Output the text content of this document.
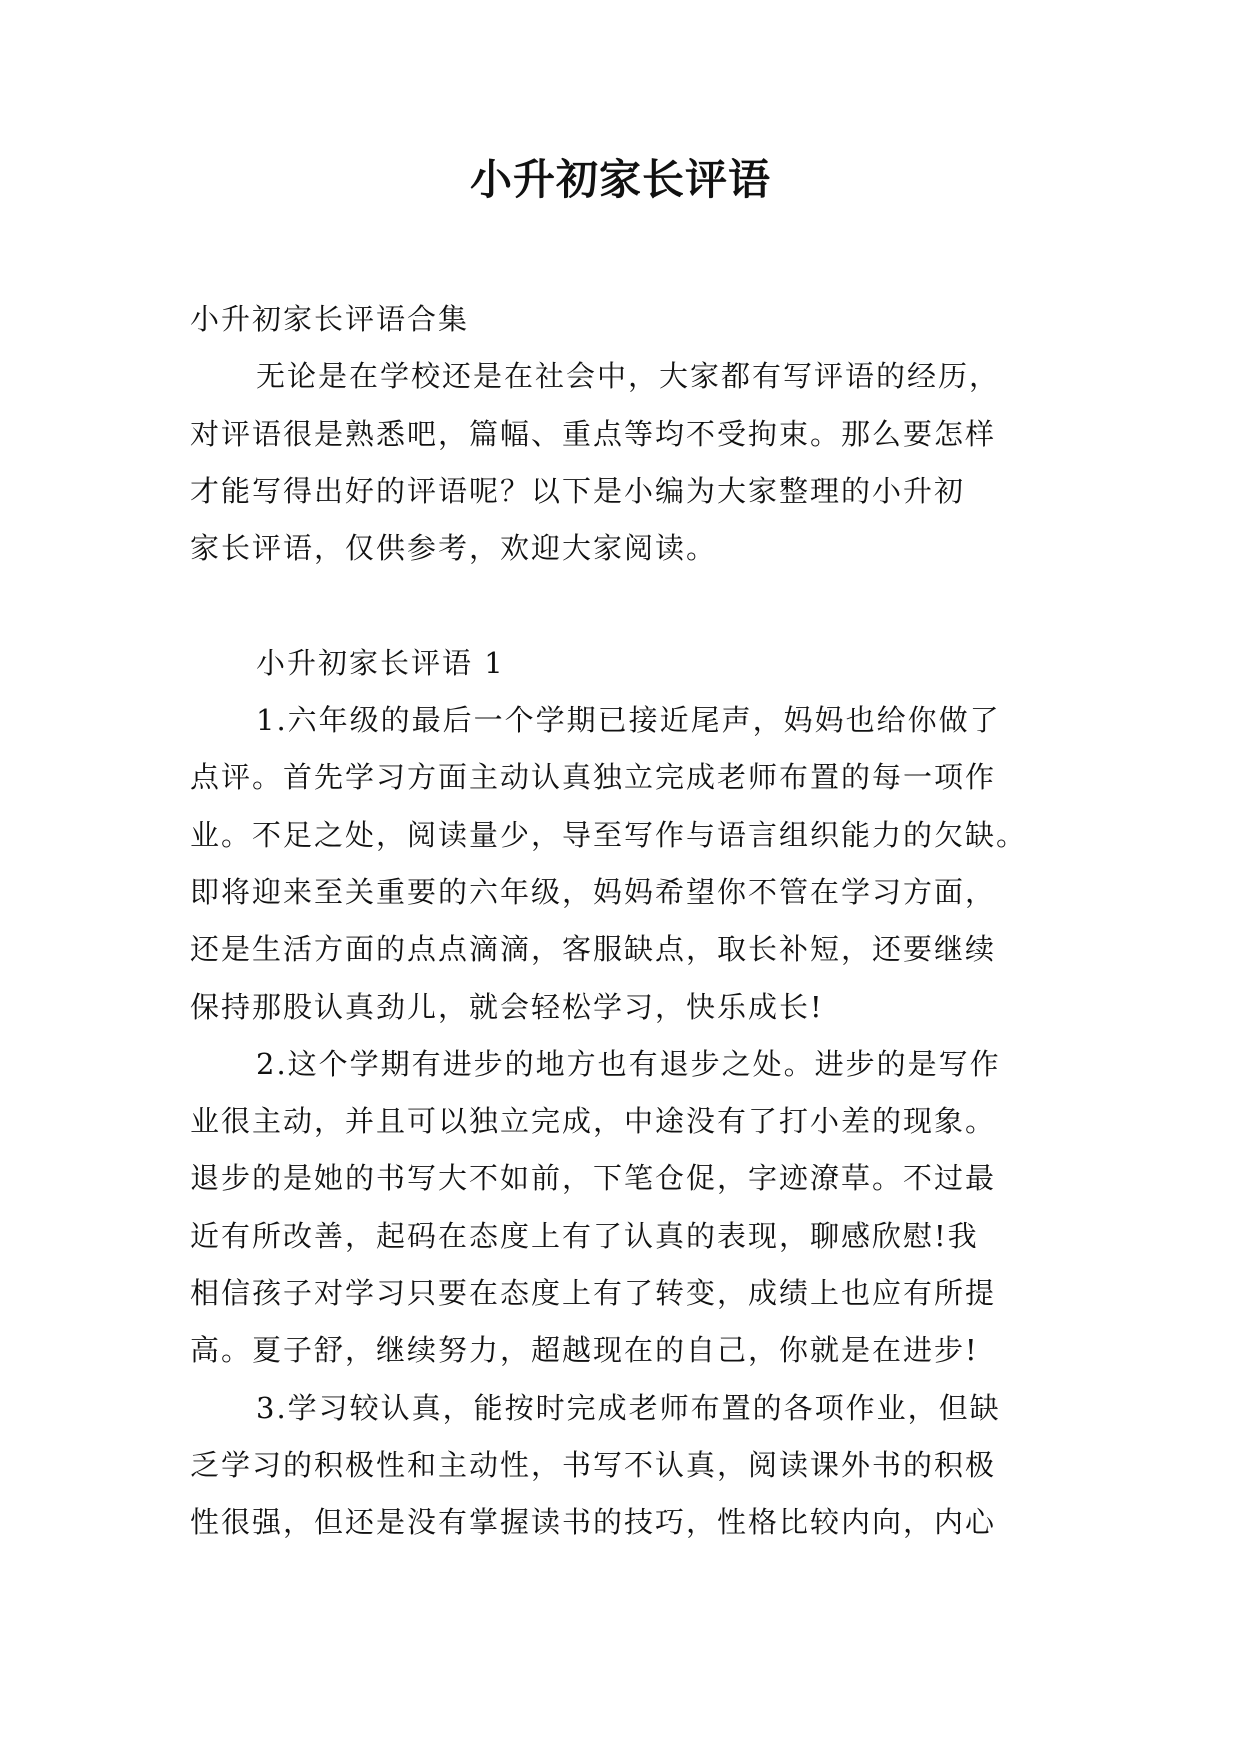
小升初家长评语
小升初家长评语合集
无论是在学校还是在社会中，大家都有写评语的经历，
对评语很是熟悉吧，篇幅、重点等均不受拘束。那么要怎样
才能写得出好的评语呢？以下是小编为大家整理的小升初
家长评语，仅供参考，欢迎大家阅读。
小升初家长评语 1
1.六年级的最后一个学期已接近尾声，妈妈也给你做了
点评。首先学习方面主动认真独立完成老师布置的每一项作
业。不足之处，阅读量少，导至写作与语言组织能力的欠缺。
即将迎来至关重要的六年级，妈妈希望你不管在学习方面，
还是生活方面的点点滴滴，客服缺点，取长补短，还要继续
保持那股认真劲儿，就会轻松学习，快乐成长!
2.这个学期有进步的地方也有退步之处。进步的是写作
业很主动，并且可以独立完成，中途没有了打小差的现象。
退步的是她的书写大不如前，下笔仓促，字迹潦草。不过最
近有所改善，起码在态度上有了认真的表现，聊感欣慰!我
相信孩子对学习只要在态度上有了转变，成绩上也应有所提
高。夏子舒，继续努力，超越现在的自己，你就是在进步!
3.学习较认真，能按时完成老师布置的各项作业，但缺
乏学习的积极性和主动性，书写不认真，阅读课外书的积极
性很强，但还是没有掌握读书的技巧，性格比较内向，内心
